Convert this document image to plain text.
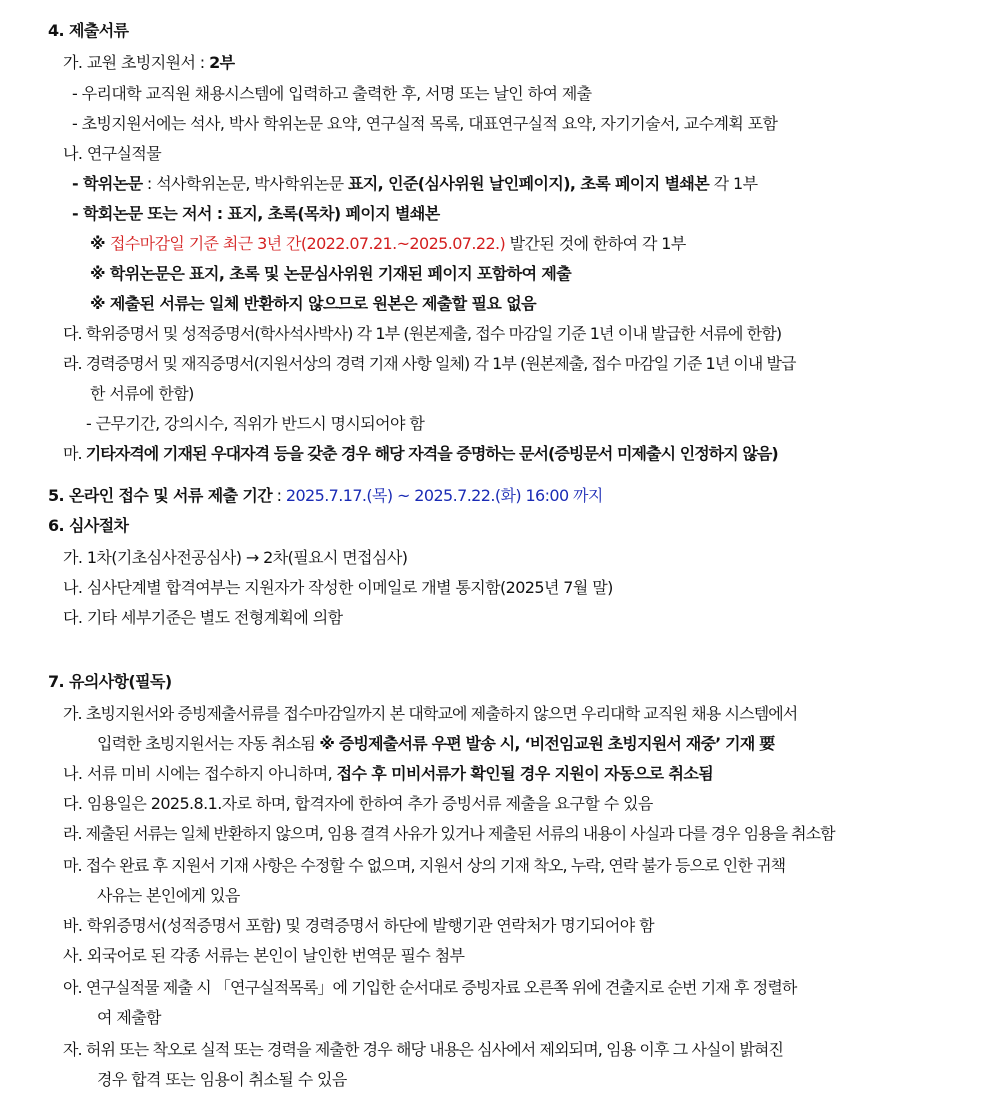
4. 제출서류
가. 교원 초빙지원서 : 2부
- 우리대학 교직원 채용시스템에 입력하고 출력한 후, 서명 또는 날인 하여 제출
- 초빙지원서에는 석사, 박사 학위논문 요약, 연구실적 목록, 대표연구실적 요약, 자기기술서, 교수계획 포함
나. 연구실적물
- 학위논문 : 석사학위논문, 박사학위논문 표지, 인준(심사위원 날인페이지), 초록 페이지 별쇄본 각 1부
- 학회논문 또는 저서 : 표지, 초록(목차) 페이지 별쇄본
※ 접수마감일 기준 최근 3년 간(2022.07.21.~2025.07.22.) 발간된 것에 한하여 각 1부
※ 학위논문은 표지, 초록 및 논문심사위원 기재된 페이지 포함하여 제출
※ 제출된 서류는 일체 반환하지 않으므로 원본은 제출할 필요 없음
다. 학위증명서 및 성적증명서(학사석사박사) 각 1부 (원본제출, 접수 마감일 기준 1년 이내 발급한 서류에 한함)
라. 경력증명서 및 재직증명서(지원서상의 경력 기재 사항 일체) 각 1부 (원본제출, 접수 마감일 기준 1년 이내 발급
한 서류에 한함)
- 근무기간, 강의시수, 직위가 반드시 명시되어야 함
마. 기타자격에 기재된 우대자격 등을 갖춘 경우 해당 자격을 증명하는 문서(증빙문서 미제출시 인정하지 않음)
5. 온라인 접수 및 서류 제출 기간 : 2025.7.17.(목) ~ 2025.7.22.(화) 16:00 까지
6. 심사절차
가. 1차(기초심사전공심사) → 2차(필요시 면접심사)
나. 심사단계별 합격여부는 지원자가 작성한 이메일로 개별 통지함(2025년 7월 말)
다. 기타 세부기준은 별도 전형계획에 의함
7. 유의사항(필독)
가. 초빙지원서와 증빙제출서류를 접수마감일까지 본 대학교에 제출하지 않으면 우리대학 교직원 채용 시스템에서
입력한 초빙지원서는 자동 취소됨 ※ 증빙제출서류 우편 발송 시, ‘비전임교원 초빙지원서 재중’ 기재 要
나. 서류 미비 시에는 접수하지 아니하며, 접수 후 미비서류가 확인될 경우 지원이 자동으로 취소됨
다. 임용일은 2025.8.1.자로 하며, 합격자에 한하여 추가 증빙서류 제출을 요구할 수 있음
라. 제출된 서류는 일체 반환하지 않으며, 임용 결격 사유가 있거나 제출된 서류의 내용이 사실과 다를 경우 임용을 취소함
마. 접수 완료 후 지원서 기재 사항은 수정할 수 없으며, 지원서 상의 기재 착오, 누락, 연락 불가 등으로 인한 귀책
사유는 본인에게 있음
바. 학위증명서(성적증명서 포함) 및 경력증명서 하단에 발행기관 연락처가 명기되어야 함
사. 외국어로 된 각종 서류는 본인이 날인한 번역문 필수 첨부
아. 연구실적물 제출 시 「연구실적목록」에 기입한 순서대로 증빙자료 오른쪽 위에 견출지로 순번 기재 후 정렬하
여 제출함
자. 허위 또는 착오로 실적 또는 경력을 제출한 경우 해당 내용은 심사에서 제외되며, 임용 이후 그 사실이 밝혀진
경우 합격 또는 임용이 취소될 수 있음
